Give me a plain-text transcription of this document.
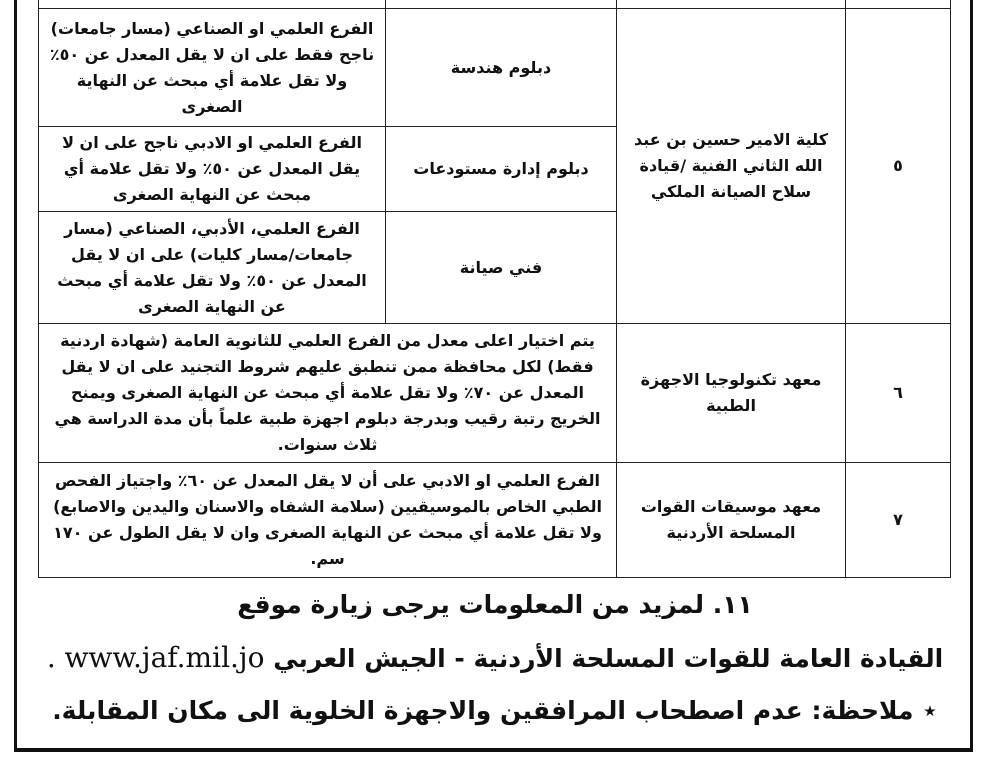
٥	كلية الامير حسين بن عبد الله الثاني الفنية /قيادة سلاح الصيانة الملكي	دبلوم هندسة	الفرع العلمي او الصناعي (مسار جامعات) ناجح فقط على ان لا يقل المعدل عن ٥٠٪ ولا تقل علامة أي مبحث عن النهاية الصغرى
		دبلوم إدارة مستودعات	الفرع العلمي او الادبي ناجح على ان لا يقل المعدل عن ٥٠٪ ولا تقل علامة أي مبحث عن النهاية الصغرى
		فني صيانة	الفرع العلمي، الأدبي، الصناعي (مسار جامعات/مسار كليات) على ان لا يقل المعدل عن ٥٠٪ ولا تقل علامة أي مبحث عن النهاية الصغرى
٦	معهد تكنولوجيا الاجهزة الطبية	يتم اختيار اعلى معدل من الفرع العلمي للثانوية العامة (شهادة اردنية فقط) لكل محافظة ممن تنطبق عليهم شروط التجنيد على ان لا يقل المعدل عن ٧٠٪ ولا تقل علامة أي مبحث عن النهاية الصغرى ويمنح الخريج رتبة رقيب وبدرجة دبلوم اجهزة طبية علماً بأن مدة الدراسة هي ثلاث سنوات.	
٧	معهد موسيقات القوات المسلحة الأردنية	الفرع العلمي او الادبي على أن لا يقل المعدل عن ٦٠٪ واجتياز الفحص الطبي الخاص بالموسيقيين (سلامة الشفاه والاسنان واليدين والاصابع) ولا تقل علامة أي مبحث عن النهاية الصغرى وان لا يقل الطول عن ١٧٠ سم.	
١١. لمزيد من المعلومات يرجى زيارة موقع
القيادة العامة للقوات المسلحة الأردنية - الجيش العربي www.jaf.mil.jo .
⋆ ملاحظة: عدم اصطحاب المرافقين والاجهزة الخلوية الى مكان المقابلة.
